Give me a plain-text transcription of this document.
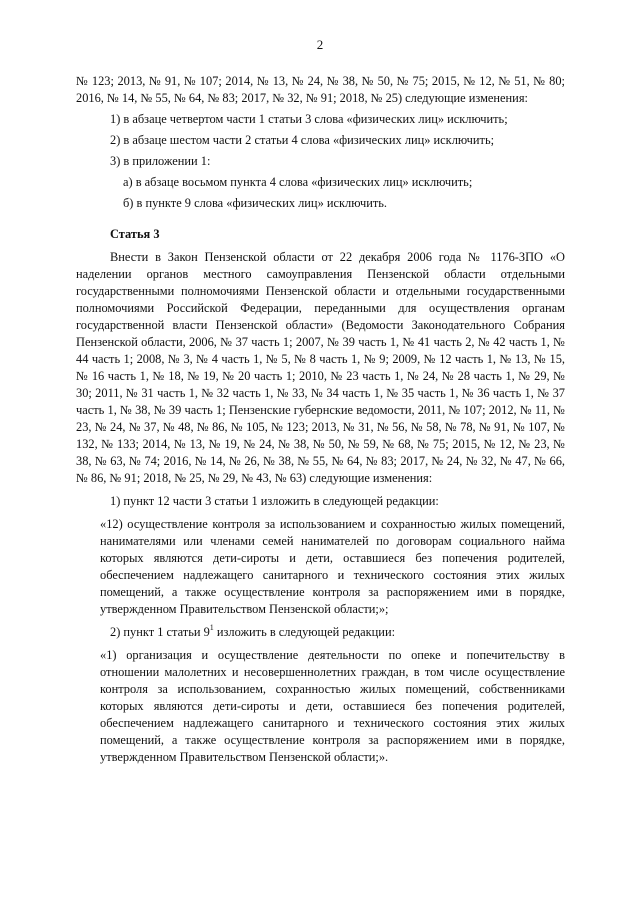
2

№ 123; 2013, № 91, № 107; 2014, № 13, № 24, № 38, № 50, № 75; 2015, № 12, № 51, № 80; 2016, № 14, № 55, № 64, № 83; 2017, № 32, № 91; 2018, № 25) следующие изменения:

1) в абзаце четвертом части 1 статьи 3 слова «физических лиц» исключить;

2) в абзаце шестом части 2 статьи 4 слова «физических лиц» исключить;

3) в приложении 1:

а) в абзаце восьмом пункта 4 слова «физических лиц» исключить;

б) в пункте 9 слова «физических лиц» исключить.

Статья 3

Внести в Закон Пензенской области от 22 декабря 2006 года № 1176-ЗПО «О наделении органов местного самоуправления Пензенской области отдельными государственными полномочиями Пензенской области и отдельными государственными полномочиями Российской Федерации, переданными для осуществления органам государственной власти Пензенской области» (Ведомости Законодательного Собрания Пензенской области, 2006, № 37 часть 1; 2007, № 39 часть 1, № 41 часть 2, № 42 часть 1, № 44 часть 1; 2008, № 3, № 4 часть 1, № 5, № 8 часть 1, № 9; 2009, № 12 часть 1, № 13, № 15, № 16 часть 1, № 18, № 19, № 20 часть 1; 2010, № 23 часть 1, № 24, № 28 часть 1, № 29, № 30; 2011, № 31 часть 1, № 32 часть 1, № 33, № 34 часть 1, № 35 часть 1, № 36 часть 1, № 37 часть 1, № 38, № 39 часть 1; Пензенские губернские ведомости, 2011, № 107; 2012, № 11, № 23, № 24, № 37, № 48, № 86, № 105, № 123; 2013, № 31, № 56, № 58, № 78, № 91, № 107, № 132, № 133; 2014, № 13, № 19, № 24, № 38, № 50, № 59, № 68, № 75; 2015, № 12, № 23, № 38, № 63, № 74; 2016, № 14, № 26, № 38, № 55, № 64, № 83; 2017, № 24, № 32, № 47, № 66, № 86, № 91; 2018, № 25, № 29, № 43, № 63) следующие изменения:

1) пункт 12 части 3 статьи 1 изложить в следующей редакции:

«12) осуществление контроля за использованием и сохранностью жилых помещений, нанимателями или членами семей нанимателей по договорам социального найма которых являются дети-сироты и дети, оставшиеся без попечения родителей, обеспечением надлежащего санитарного и технического состояния этих жилых помещений, а также осуществление контроля за распоряжением ими в порядке, утвержденном Правительством Пензенской области;»;

2) пункт 1 статьи $9^1$ изложить в следующей редакции:

«1) организация и осуществление деятельности по опеке и попечительству в отношении малолетних и несовершеннолетних граждан, в том числе осуществление контроля за использованием, сохранностью жилых помещений, собственниками которых являются дети-сироты и дети, оставшиеся без попечения родителей, обеспечением надлежащего санитарного и технического состояния этих жилых помещений, а также осуществление контроля за распоряжением ими в порядке, утвержденном Правительством Пензенской области;».
